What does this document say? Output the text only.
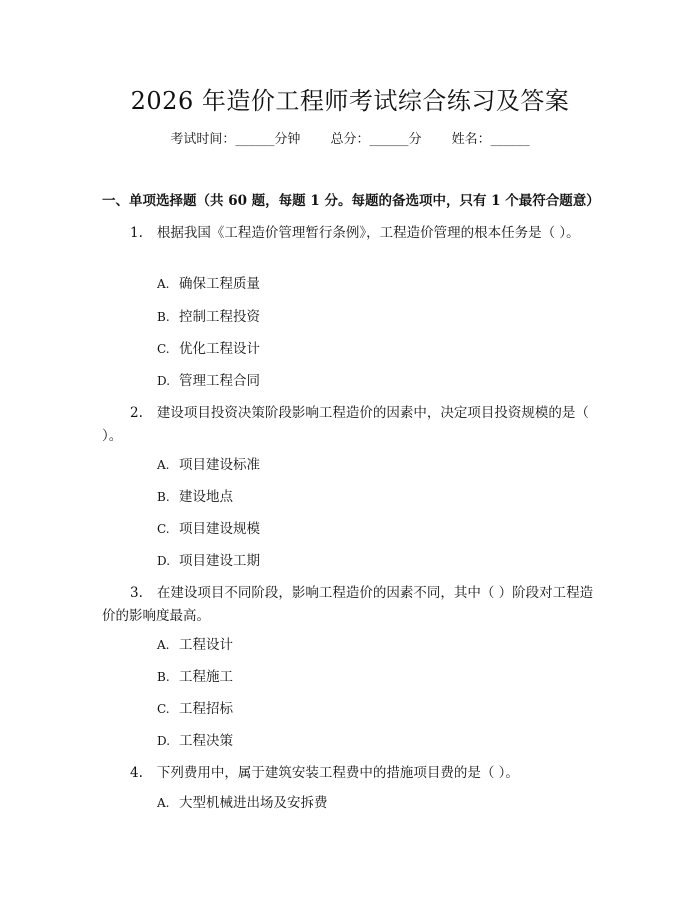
2026 年造价工程师考试综合练习及答案
考试时间：______分钟 总分：______分 姓名：______
一、单项选择题（共 60 题，每题 1 分。每题的备选项中，只有 1 个最符合题意）
1. 根据我国《工程造价管理暂行条例》，工程造价管理的根本任务是（ ）。
A. 确保工程质量
B. 控制工程投资
C. 优化工程设计
D. 管理工程合同
2. 建设项目投资决策阶段影响工程造价的因素中，决定项目投资规模的是（ ）。
A. 项目建设标准
B. 建设地点
C. 项目建设规模
D. 项目建设工期
3. 在建设项目不同阶段，影响工程造价的因素不同，其中（ ）阶段对工程造价的影响度最高。
A. 工程设计
B. 工程施工
C. 工程招标
D. 工程决策
4. 下列费用中，属于建筑安装工程费中的措施项目费的是（ ）。
A. 大型机械进出场及安拆费
